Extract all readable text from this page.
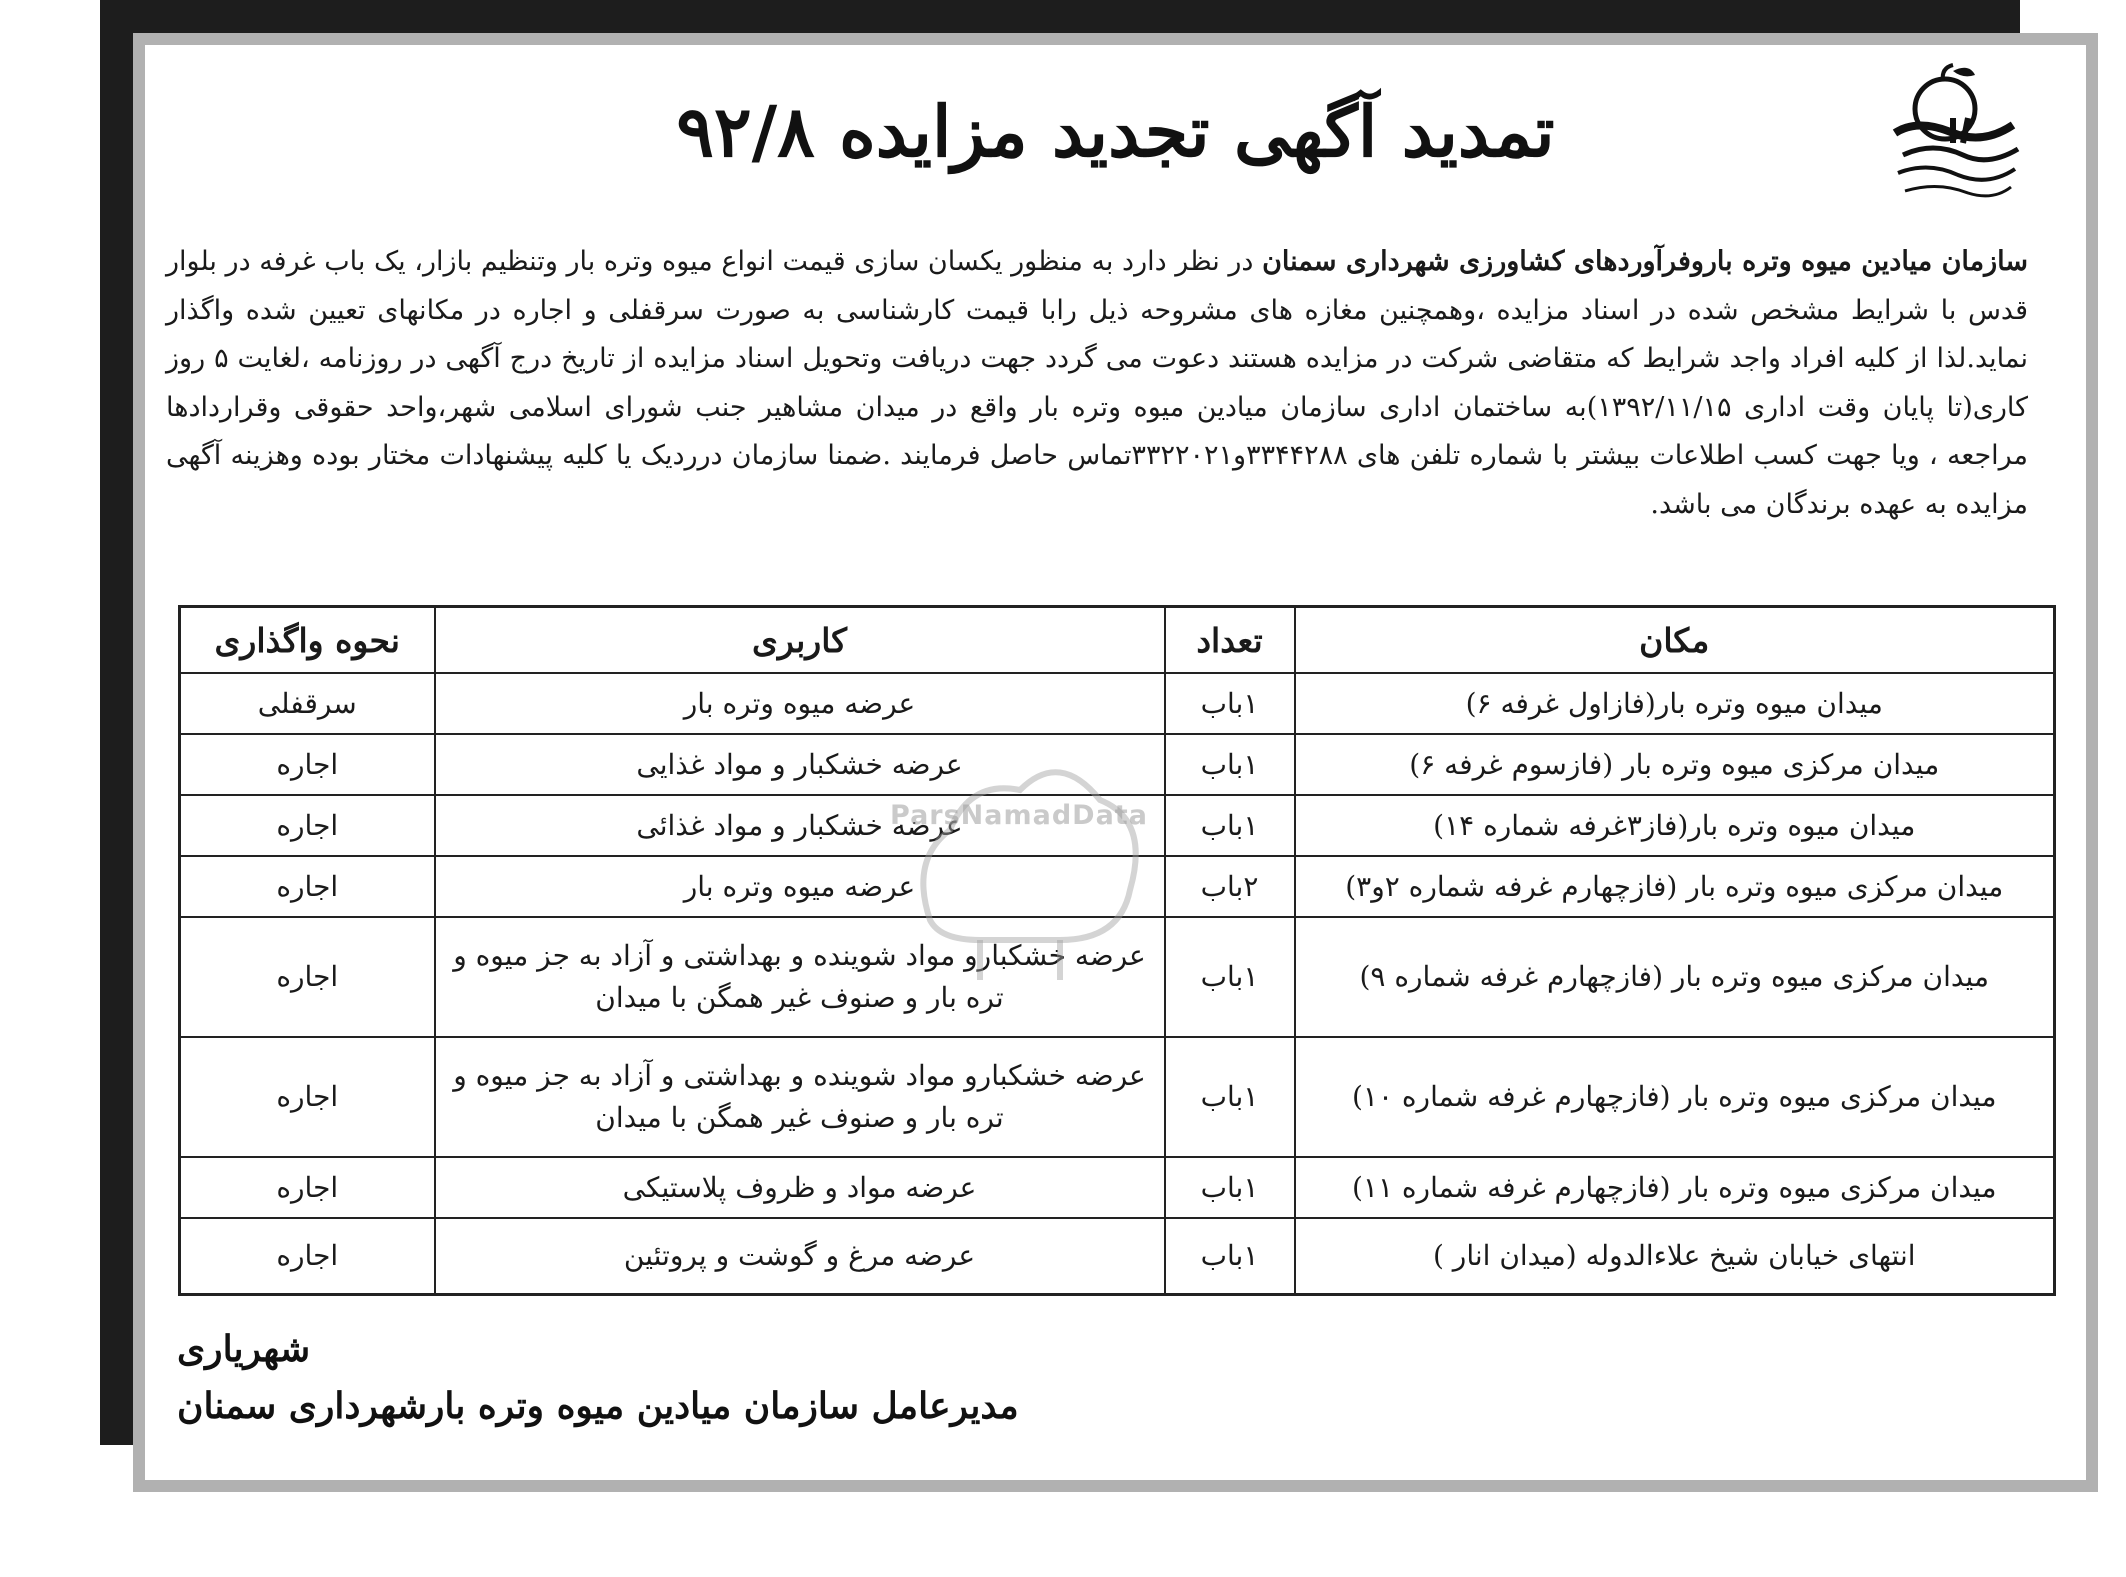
تمدید آگهی تجدید مزایده ۹۲/۸

سازمان میادین میوه وتره باروفرآوردهای کشاورزی شهرداری سمنان در نظر دارد به منظور یکسان سازی قیمت انواع میوه وتره بار وتنظیم بازار، یک باب غرفه در بلوار قدس با شرایط مشخص شده در اسناد مزایده ،وهمچنین مغازه های مشروحه ذیل رابا قیمت کارشناسی به صورت سرقفلی و اجاره در مکانهای تعیین شده واگذار نماید.لذا از کلیه افراد واجد شرایط که متقاضی شرکت در مزایده هستند دعوت می گردد جهت دریافت وتحویل اسناد مزایده از تاریخ درج آگهی در روزنامه ،لغایت ۵ روز کاری(تا پایان وقت اداری ۱۳۹۲/۱۱/۱۵)به ساختمان اداری سازمان میادین میوه وتره بار واقع در میدان مشاهیر جنب شورای اسلامی شهر،واحد حقوقی وقراردادها مراجعه ، ویا جهت کسب اطلاعات بیشتر با شماره تلفن های ۳۳۴۴۲۸۸و۳۳۲۲۰۲۱تماس حاصل فرمایند .ضمنا سازمان درردیک یا کلیه پیشنهادات مختار بوده وهزینه آگهی مزایده به عهده برندگان می باشد.

مکان	تعداد	کاربری	نحوه واگذاری
میدان میوه وتره بار(فازاول غرفه ۶)	۱باب	عرضه میوه وتره بار	سرقفلی
میدان مرکزی میوه وتره بار (فازسوم غرفه ۶)	۱باب	عرضه خشکبار و مواد غذایی	اجاره
میدان میوه وتره بار(فاز۳غرفه شماره ۱۴)	۱باب	عرضه خشکبار و مواد غذائی	اجاره
میدان مرکزی میوه وتره بار (فازچهارم غرفه شماره ۲و۳)	۲باب	عرضه میوه وتره بار	اجاره
میدان مرکزی میوه وتره بار (فازچهارم غرفه شماره ۹)	۱باب	عرضه خشکبارو مواد شوینده و بهداشتی و آزاد به جز میوه و تره بار و صنوف غیر همگن با میدان	اجاره
میدان مرکزی میوه وتره بار (فازچهارم غرفه شماره ۱۰)	۱باب	عرضه خشکبارو مواد شوینده و بهداشتی و آزاد به جز میوه و تره بار و صنوف غیر همگن با میدان	اجاره
میدان مرکزی میوه وتره بار (فازچهارم غرفه شماره ۱۱)	۱باب	عرضه مواد و ظروف پلاستیکی	اجاره
انتهای خیابان شیخ علاءالدوله (میدان انار )	۱باب	عرضه مرغ و گوشت و پروتئین	اجاره
شهریاری
مدیرعامل سازمان میادین میوه وتره بارشهرداری سمنان
ParsNamadData
